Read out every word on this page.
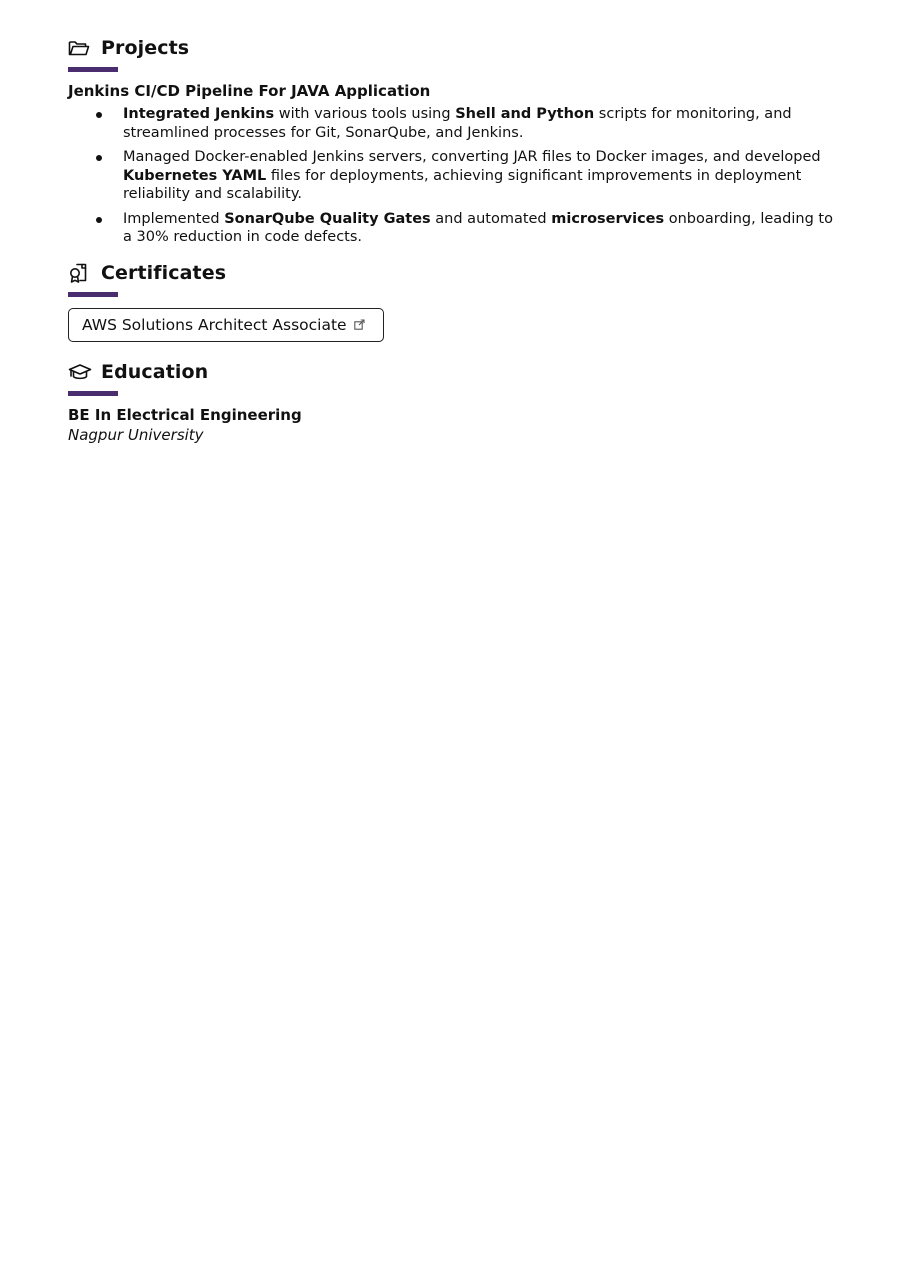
Projects
Jenkins CI/CD Pipeline For JAVA Application
Integrated Jenkins with various tools using Shell and Python scripts for monitoring, and streamlined processes for Git, SonarQube, and Jenkins.
Managed Docker-enabled Jenkins servers, converting JAR files to Docker images, and developed Kubernetes YAML files for deployments, achieving significant improvements in deployment reliability and scalability.
Implemented SonarQube Quality Gates and automated microservices onboarding, leading to a 30% reduction in code defects.
Certificates
AWS Solutions Architect Associate
Education
BE In Electrical Engineering
Nagpur University
